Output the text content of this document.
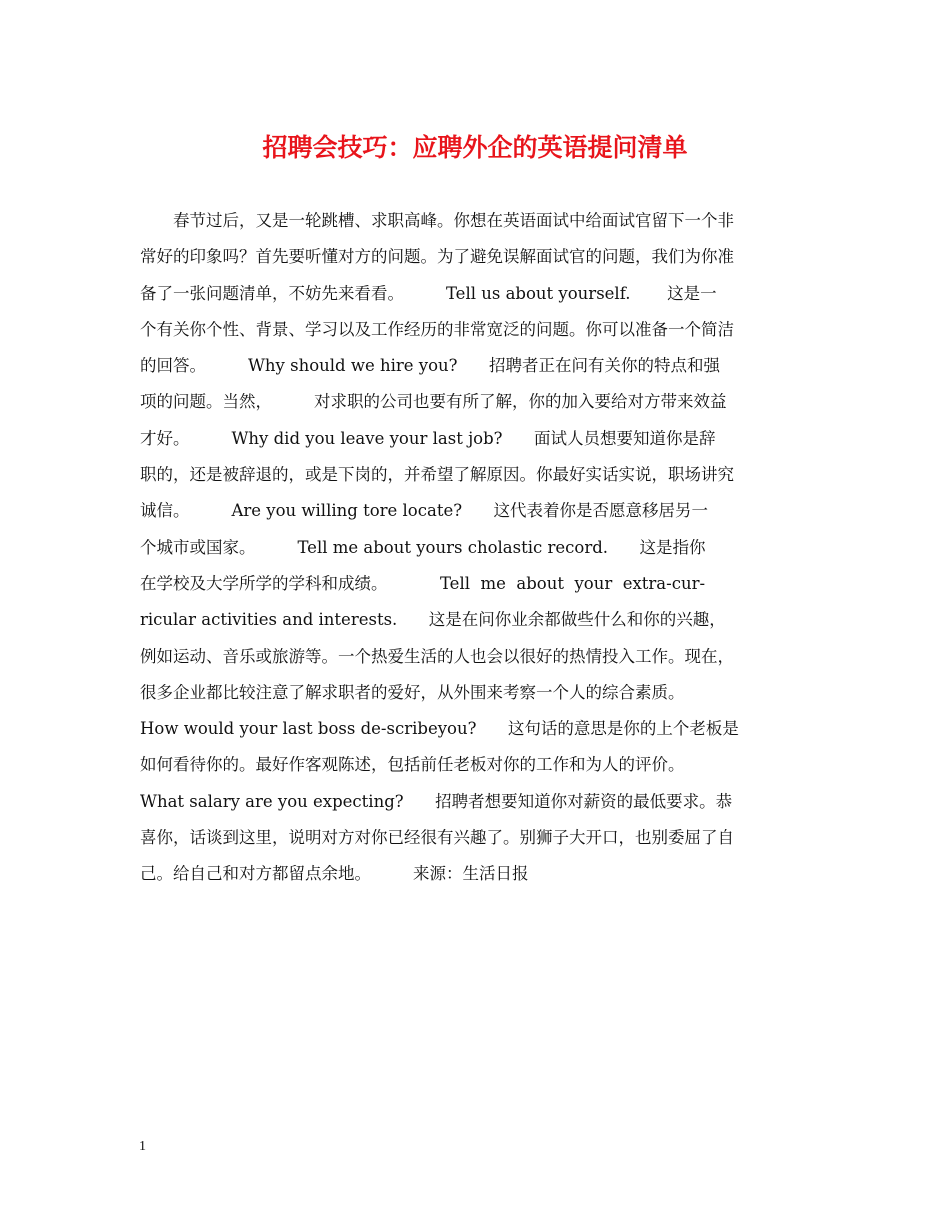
招聘会技巧：应聘外企的英语提问清单
　　春节过后，又是一轮跳槽、求职高峰。你想在英语面试中给面试官留下一个非
常好的印象吗？首先要听懂对方的问题。为了避免误解面试官的问题，我们为你准
备了一张问题清单，不妨先来看看。        Tell us about yourself.       这是一
个有关你个性、背景、学习以及工作经历的非常宽泛的问题。你可以准备一个简洁
的回答。        Why should we hire you?      招聘者正在问有关你的特点和强
项的问题。当然，        对求职的公司也要有所了解，你的加入要给对方带来效益
才好。        Why did you leave your last job?      面试人员想要知道你是辞
职的，还是被辞退的，或是下岗的，并希望了解原因。你最好实话实说，职场讲究
诚信。        Are you willing tore locate?      这代表着你是否愿意移居另一
个城市或国家。        Tell me about yours cholastic record.      这是指你
在学校及大学所学的学科和成绩。          Tell  me  about  your  extra-cur-
ricular activities and interests.      这是在问你业余都做些什么和你的兴趣，
例如运动、音乐或旅游等。一个热爱生活的人也会以很好的热情投入工作。现在，
很多企业都比较注意了解求职者的爱好，从外围来考察一个人的综合素质。
How would your last boss de-scribeyou?      这句话的意思是你的上个老板是
如何看待你的。最好作客观陈述，包括前任老板对你的工作和为人的评价。
What salary are you expecting?      招聘者想要知道你对薪资的最低要求。恭
喜你，话谈到这里，说明对方对你已经很有兴趣了。别狮子大开口，也别委屈了自
己。给自己和对方都留点余地。        来源：生活日报
1
